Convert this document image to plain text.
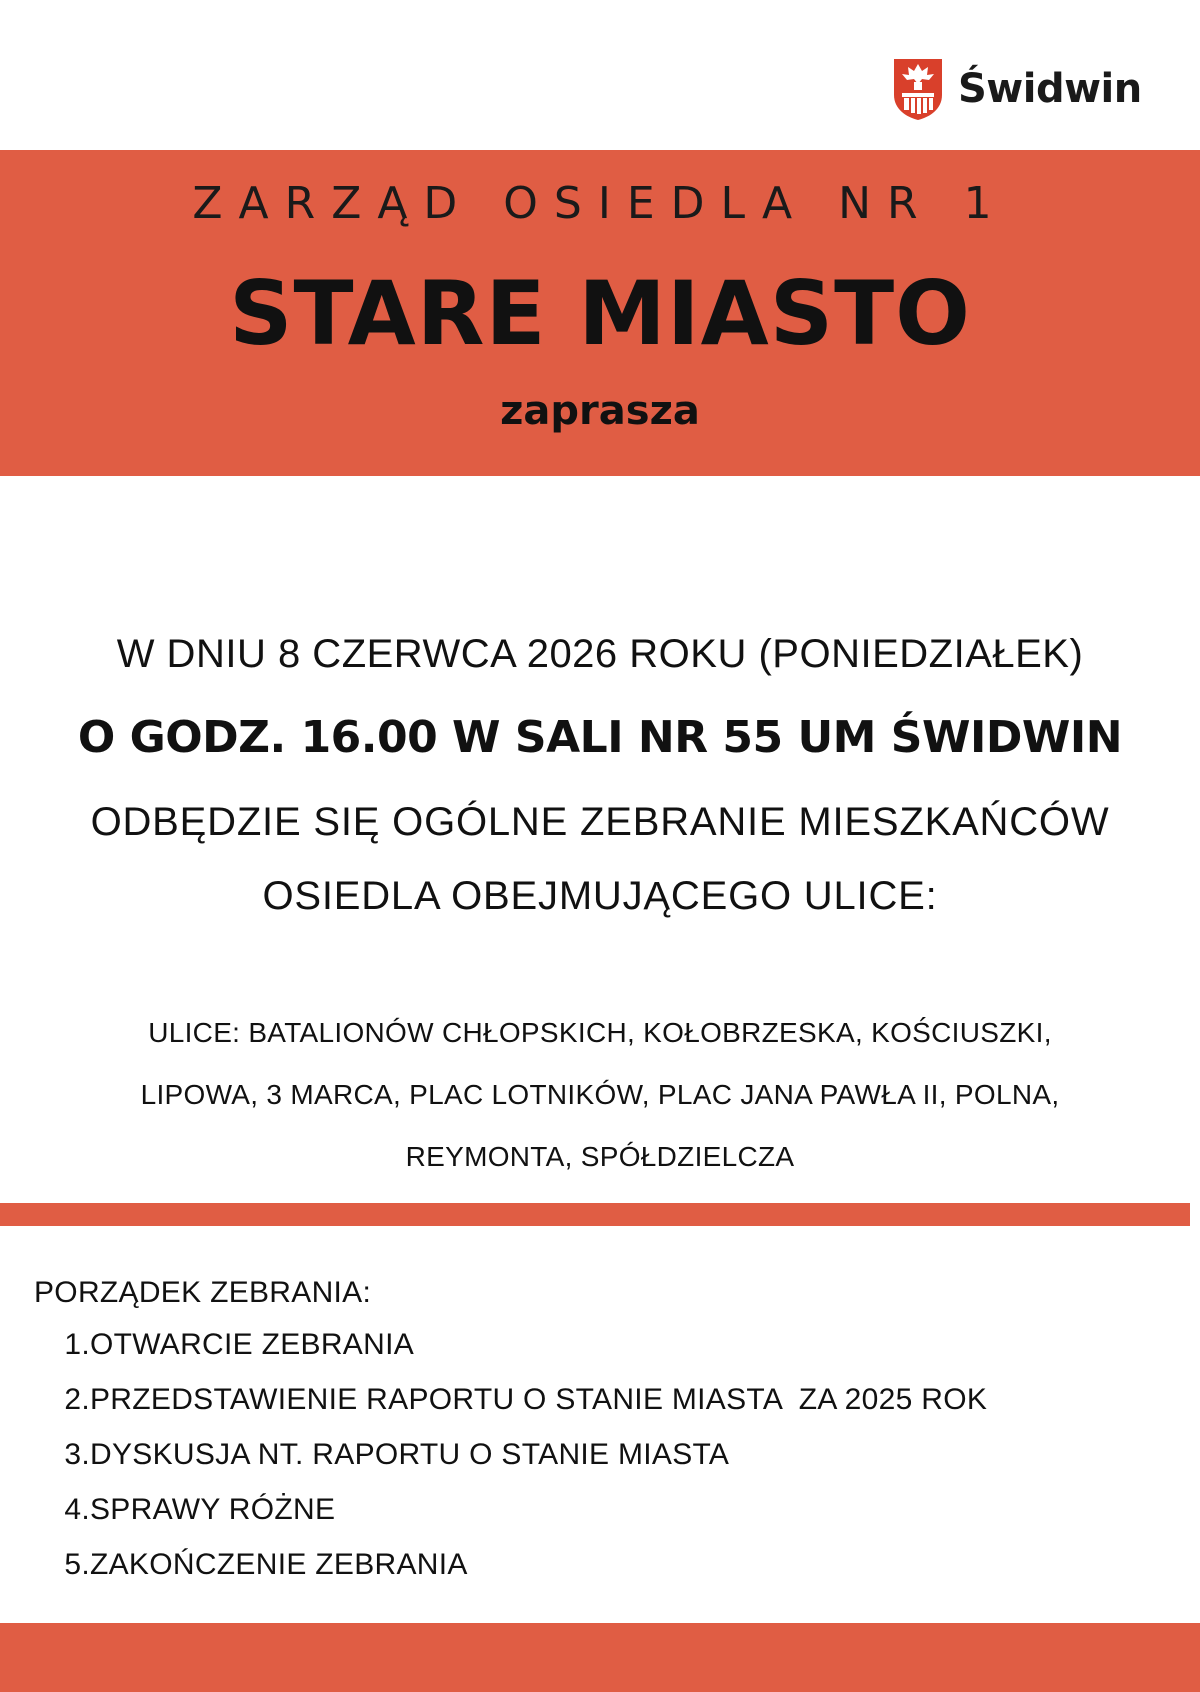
Świdwin
ZARZĄD OSIEDLA NR 1
STARE MIASTO
zaprasza
W DNIU 8 CZERWCA 2026 ROKU (PONIEDZIAŁEK)
O GODZ. 16.00 W SALI NR 55 UM ŚWIDWIN
ODBĘDZIE SIĘ OGÓLNE ZEBRANIE MIESZKAŃCÓW
OSIEDLA OBEJMUJĄCEGO ULICE:
ULICE: BATALIONÓW CHŁOPSKICH, KOŁOBRZESKA, KOŚCIUSZKI,
LIPOWA, 3 MARCA, PLAC LOTNIKÓW, PLAC JANA PAWŁA II, POLNA,
REYMONTA, SPÓŁDZIELCZA
PORZĄDEK ZEBRANIA:
1. OTWARCIE ZEBRANIA
2. PRZEDSTAWIENIE RAPORTU O STANIE MIASTA  ZA 2025 ROK
3. DYSKUSJA NT. RAPORTU O STANIE MIASTA
4. SPRAWY RÓŻNE
5. ZAKOŃCZENIE ZEBRANIA
